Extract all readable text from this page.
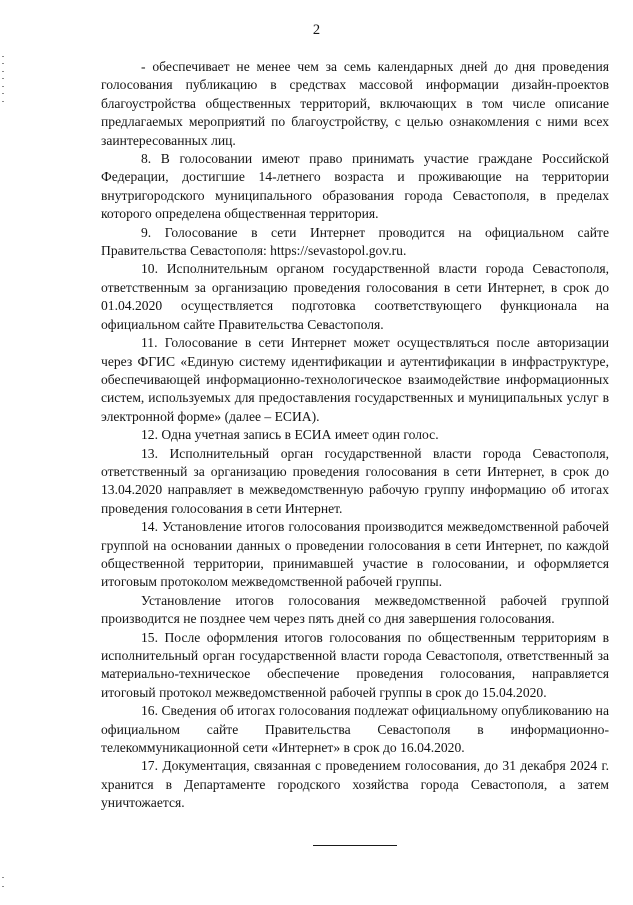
2

- обеспечивает не менее чем за семь календарных дней до дня проведения голосования публикацию в средствах массовой информации дизайн-проектов благоустройства общественных территорий, включающих в том числе описание предлагаемых мероприятий по благоустройству, с целью ознакомления с ними всех заинтересованных лиц.

8. В голосовании имеют право принимать участие граждане Российской Федерации, достигшие 14-летнего возраста и проживающие на территории внутригородского муниципального образования города Севастополя, в пределах которого определена общественная территория.

9. Голосование в сети Интернет проводится на официальном сайте Правительства Севастополя: https://sevastopol.gov.ru.

10. Исполнительным органом государственной власти города Севастополя, ответственным за организацию проведения голосования в сети Интернет, в срок до 01.04.2020 осуществляется подготовка соответствующего функционала на официальном сайте Правительства Севастополя.

11. Голосование в сети Интернет может осуществляться после авторизации через ФГИС «Единую систему идентификации и аутентификации в инфраструктуре, обеспечивающей информационно-технологическое взаимодействие информационных систем, используемых для предоставления государственных и муниципальных услуг в электронной форме» (далее – ЕСИА).

12. Одна учетная запись в ЕСИА имеет один голос.

13. Исполнительный орган государственной власти города Севастополя, ответственный за организацию проведения голосования в сети Интернет, в срок до 13.04.2020 направляет в межведомственную рабочую группу информацию об итогах проведения голосования в сети Интернет.

14. Установление итогов голосования производится межведомственной рабочей группой на основании данных о проведении голосования в сети Интернет, по каждой общественной территории, принимавшей участие в голосовании, и оформляется итоговым протоколом межведомственной рабочей группы.

Установление итогов голосования межведомственной рабочей группой производится не позднее чем через пять дней со дня завершения голосования.

15. После оформления итогов голосования по общественным территориям в исполнительный орган государственной власти города Севастополя, ответственный за материально-техническое обеспечение проведения голосования, направляется итоговый протокол межведомственной рабочей группы в срок до 15.04.2020.

16. Сведения об итогах голосования подлежат официальному опубликованию на официальном сайте Правительства Севастополя в информационно-телекоммуникационной сети «Интернет» в срок до 16.04.2020.

17. Документация, связанная с проведением голосования, до 31 декабря 2024 г. хранится в Департаменте городского хозяйства города Севастополя, а затем уничтожается.
